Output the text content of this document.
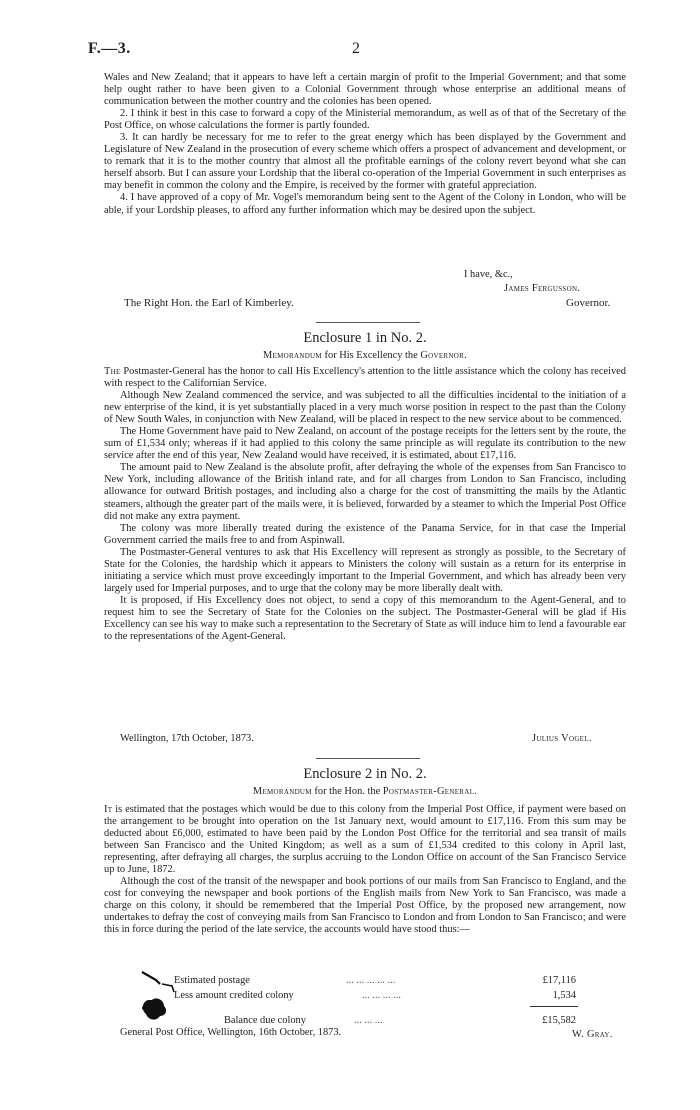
F.—3.	2

Wales and New Zealand; that it appears to have left a certain margin of profit to the Imperial Government; and that some help ought rather to have been given to a Colonial Government through whose enterprise an additional means of communication between the mother country and the colonies has been opened.

2. I think it best in this case to forward a copy of the Ministerial memorandum, as well as of that of the Secretary of the Post Office, on whose calculations the former is partly founded.

3. It can hardly be necessary for me to refer to the great energy which has been displayed by the Government and Legislature of New Zealand in the prosecution of every scheme which offers a prospect of advancement and development, or to remark that it is to the mother country that almost all the profitable earnings of the colony revert beyond what she can herself absorb. But I can assure your Lordship that the liberal co-operation of the Imperial Government in such enterprises as may benefit in common the colony and the Empire, is received by the former with grateful appreciation.

4. I have approved of a copy of Mr. Vogel's memorandum being sent to the Agent of the Colony in London, who will be able, if your Lordship pleases, to afford any further information which may be desired upon the subject.

I have, &c.,
James Fergusson.
The Right Hon. the Earl of Kimberley.	Governor.
Enclosure 1 in No. 2.
Memorandum for His Excellency the Governor.

The Postmaster-General has the honor to call His Excellency's attention to the little assistance which the colony has received with respect to the Californian Service.

Although New Zealand commenced the service, and was subjected to all the difficulties incidental to the initiation of a new enterprise of the kind, it is yet substantially placed in a very much worse position in respect to the past than the Colony of New South Wales, in conjunction with New Zealand, will be placed in respect to the new service about to be commenced.

The Home Government have paid to New Zealand, on account of the postage receipts for the letters sent by the route, the sum of £1,534 only; whereas if it had applied to this colony the same principle as will regulate its contribution to the new service after the end of this year, New Zealand would have received, it is estimated, about £17,116.

The amount paid to New Zealand is the absolute profit, after defraying the whole of the expenses from San Francisco to New York, including allowance of the British inland rate, and for all charges from London to San Francisco, including allowance for outward British postages, and including also a charge for the cost of transmitting the mails by the Atlantic steamers, although the greater part of the mails were, it is believed, forwarded by a steamer to which the Imperial Post Office did not make any extra payment.

The colony was more liberally treated during the existence of the Panama Service, for in that case the Imperial Government carried the mails free to and from Aspinwall.

The Postmaster-General ventures to ask that His Excellency will represent as strongly as possible, to the Secretary of State for the Colonies, the hardship which it appears to Ministers the colony will sustain as a return for its enterprise in initiating a service which must prove exceedingly important to the Imperial Government, and which has already been very largely used for Imperial purposes, and to urge that the colony may be more liberally dealt with.

It is proposed, if His Excellency does not object, to send a copy of this memorandum to the Agent-General, and to request him to see the Secretary of State for the Colonies on the subject. The Postmaster-General will be glad if His Excellency can see his way to make such a representation to the Secretary of State as will induce him to lend a favourable ear to the representations of the Agent-General.

Wellington, 17th October, 1873.	Julius Vogel.
Enclosure 2 in No. 2.
Memorandum for the Hon. the Postmaster-General.

It is estimated that the postages which would be due to this colony from the Imperial Post Office, if payment were based on the arrangement to be brought into operation on the 1st January next, would amount to £17,116. From this sum may be deducted about £6,000, estimated to have been paid by the London Post Office for the territorial and sea transit of mails between San Francisco and the United Kingdom; as well as a sum of £1,534 credited to this colony in April last, representing, after defraying all charges, the surplus accruing to the London Office on account of the San Francisco Service up to June, 1872.

Although the cost of the transit of the newspaper and book portions of our mails from San Francisco to England, and the cost for conveying the newspaper and book portions of the English mails from New York to San Francisco, was made a charge on this colony, it should be remembered that the Imperial Post Office, by the proposed new arrangement, now undertakes to defray the cost of conveying mails from San Francisco to London and from London to San Francisco; and were this in force during the period of the late service, the accounts would have stood thus:—

Estimated postage	... ... ... ... ...	£17,116
Less amount credited colony	... ... ... ...	1,534
Balance due colony	... ... ...	£15,582
General Post Office, Wellington, 16th October, 1873.	W. Gray.
